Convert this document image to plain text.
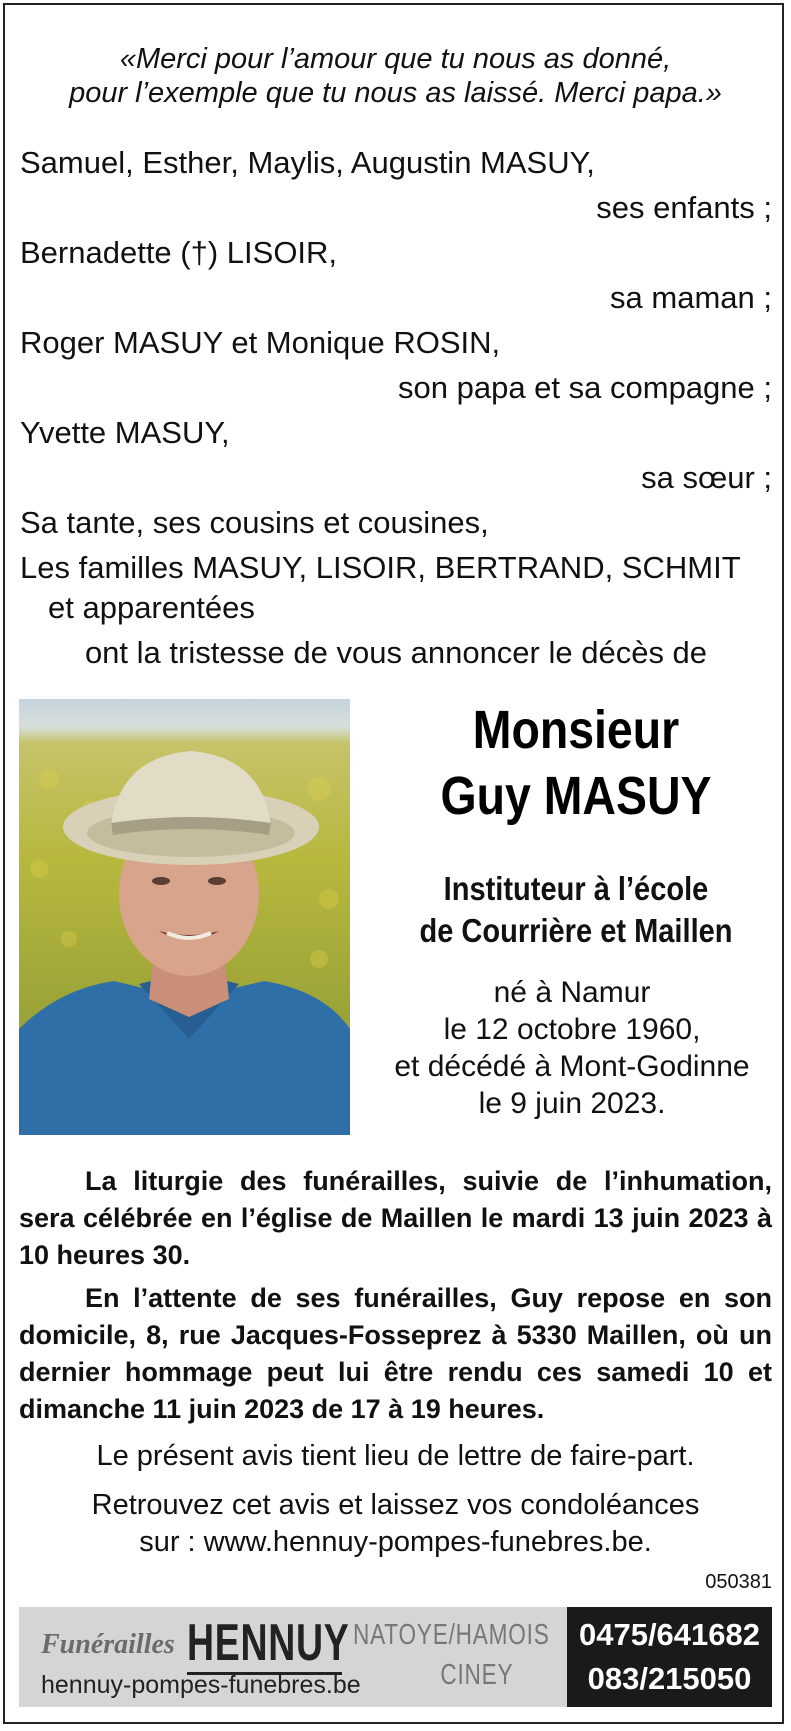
«Merci pour l’amour que tu nous as donné,
pour l’exemple que tu nous as laissé. Merci papa.»
Samuel, Esther, Maylis, Augustin MASUY,
ses enfants ;
Bernadette (†) LISOIR,
sa maman ;
Roger MASUY et Monique ROSIN,
son papa et sa compagne ;
Yvette MASUY,
sa sœur ;
Sa tante, ses cousins et cousines,
Les familles MASUY, LISOIR, BERTRAND, SCHMIT
et apparentées
ont la tristesse de vous annoncer le décès de
Monsieur
Guy MASUY
Instituteur à l’école
de Courrière et Maillen
né à Namur
le 12 octobre 1960,
et décédé à Mont-Godinne
le 9 juin 2023.
La liturgie des funérailles, suivie de l’inhumation, sera célébrée en l’église de Maillen le mardi 13 juin 2023 à 10 heures 30.
En l’attente de ses funérailles, Guy repose en son domicile, 8, rue Jacques-Fosseprez à 5330 Maillen, où un dernier hommage peut lui être rendu ces samedi 10 et dimanche 11 juin 2023 de 17 à 19 heures.
Le présent avis tient lieu de lettre de faire-part.
Retrouvez cet avis et laissez vos condoléances
sur : www.hennuy-pompes-funebres.be.
050381
Funérailles HENNUY
hennuy-pompes-funebres.be
NATOYE/HAMOIS
CINEY
0475/641682
083/215050
